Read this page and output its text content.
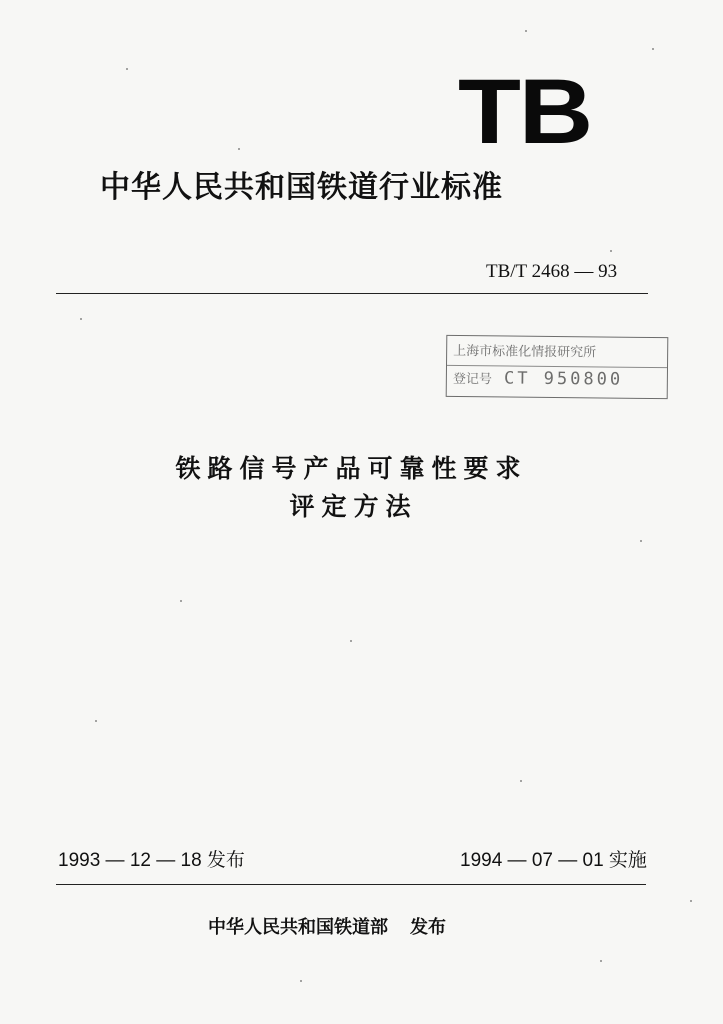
TB
中华人民共和国铁道行业标准
TB/T 2468 — 93
上海市标准化情报研究所
登记号 CT 950800
铁路信号产品可靠性要求
评定方法
1993 — 12 — 18 发布	1994 — 07 — 01 实施
中华人民共和国铁道部 发布
